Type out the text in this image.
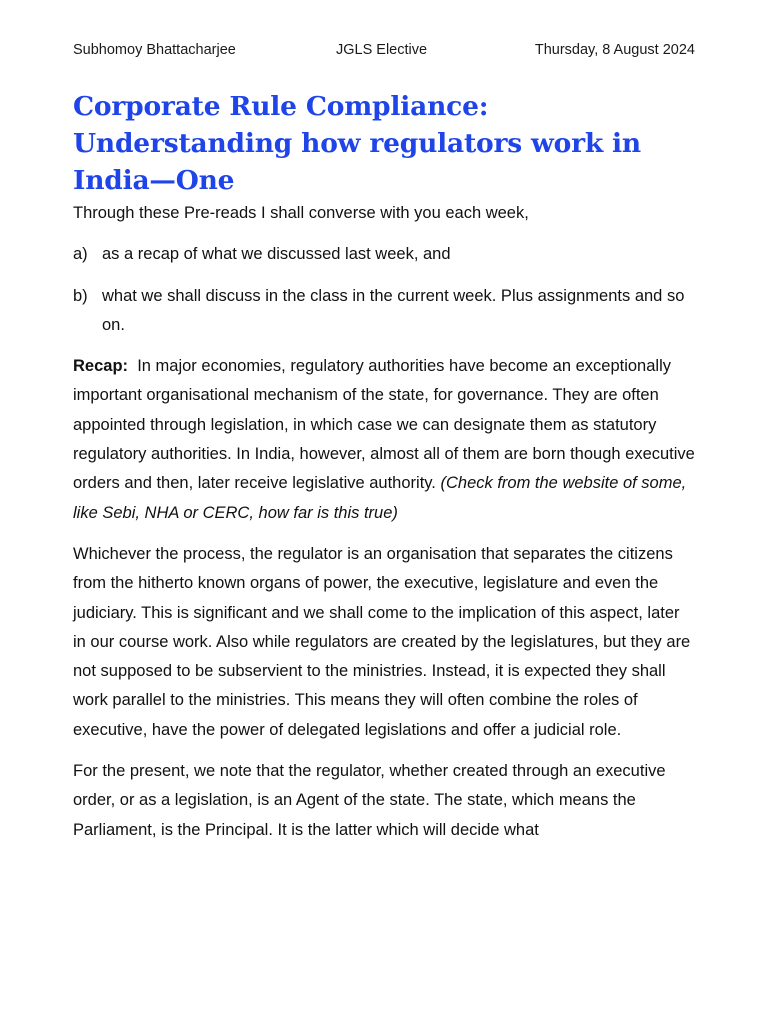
Subhomoy Bhattacharjee	JGLS Elective	Thursday, 8 August 2024
Corporate Rule Compliance: Understanding how regulators work in India—One

Through these Pre-reads I shall converse with you each week,

a) as a recap of what we discussed last week, and
b) what we shall discuss in the class in the current week. Plus assignments and so on.

Recap: In major economies, regulatory authorities have become an exceptionally important organisational mechanism of the state, for governance. They are often appointed through legislation, in which case we can designate them as statutory regulatory authorities. In India, however, almost all of them are born though executive orders and then, later receive legislative authority. (Check from the website of some, like Sebi, NHA or CERC, how far is this true)

Whichever the process, the regulator is an organisation that separates the citizens from the hitherto known organs of power, the executive, legislature and even the judiciary. This is significant and we shall come to the implication of this aspect, later in our course work. Also while regulators are created by the legislatures, but they are not supposed to be subservient to the ministries. Instead, it is expected they shall work parallel to the ministries. This means they will often combine the roles of executive, have the power of delegated legislations and offer a judicial role.

For the present, we note that the regulator, whether created through an executive order, or as a legislation, is an Agent of the state. The state, which means the Parliament, is the Principal. It is the latter which will decide what
